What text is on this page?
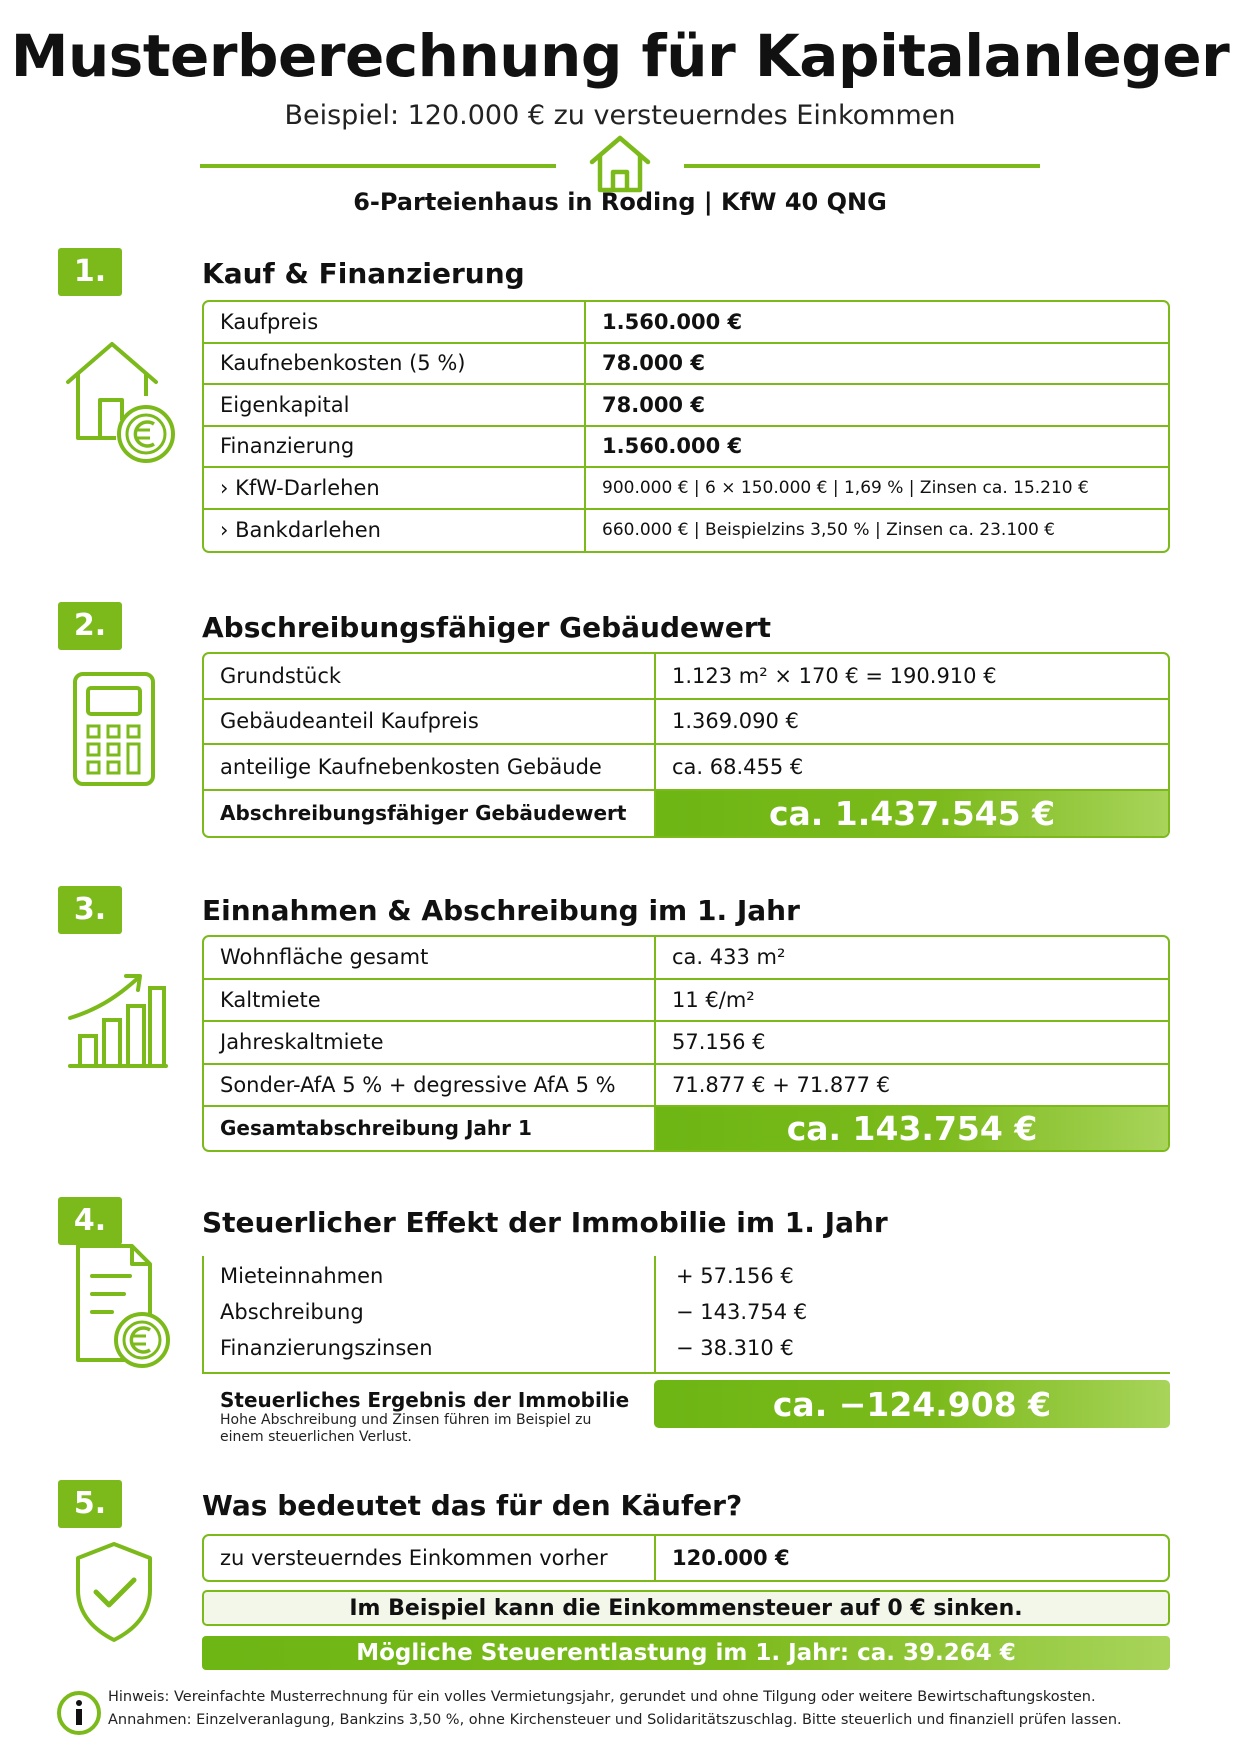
Musterberechnung für Kapitalanleger
Beispiel: 120.000 € zu versteuerndes Einkommen
6-Parteienhaus in Roding | KfW 40 QNG
1.	Kauf & Finanzierung
Kaufpreis	1.560.000 €
Kaufnebenkosten (5 %)	78.000 €
Eigenkapital	78.000 €
Finanzierung	1.560.000 €
› KfW-Darlehen	900.000 € | 6 × 150.000 € | 1,69 % | Zinsen ca. 15.210 €
› Bankdarlehen	660.000 € | Beispielzins 3,50 % | Zinsen ca. 23.100 €
2.	Abschreibungsfähiger Gebäudewert
Grundstück	1.123 m² × 170 € = 190.910 €
Gebäudeanteil Kaufpreis	1.369.090 €
anteilige Kaufnebenkosten Gebäude	ca. 68.455 €
Abschreibungsfähiger Gebäudewert	ca. 1.437.545 €
3.	Einnahmen & Abschreibung im 1. Jahr
Wohnfläche gesamt	ca. 433 m²
Kaltmiete	11 €/m²
Jahreskaltmiete	57.156 €
Sonder-AfA 5 % + degressive AfA 5 %	71.877 € + 71.877 €
Gesamtabschreibung Jahr 1	ca. 143.754 €
4.	Steuerlicher Effekt der Immobilie im 1. Jahr
Mieteinnahmen	+ 57.156 €
Abschreibung	− 143.754 €
Finanzierungszinsen	− 38.310 €
Steuerliches Ergebnis der Immobilie
Hohe Abschreibung und Zinsen führen im Beispiel zu einem steuerlichen Verlust.
ca. −124.908 €
5.	Was bedeutet das für den Käufer?
zu versteuerndes Einkommen vorher	120.000 €
Im Beispiel kann die Einkommensteuer auf 0 € sinken.
Mögliche Steuerentlastung im 1. Jahr: ca. 39.264 €
Hinweis: Vereinfachte Musterrechnung für ein volles Vermietungsjahr, gerundet und ohne Tilgung oder weitere Bewirtschaftungskosten.
Annahmen: Einzelveranlagung, Bankzins 3,50 %, ohne Kirchensteuer und Solidaritätszuschlag. Bitte steuerlich und finanziell prüfen lassen.
